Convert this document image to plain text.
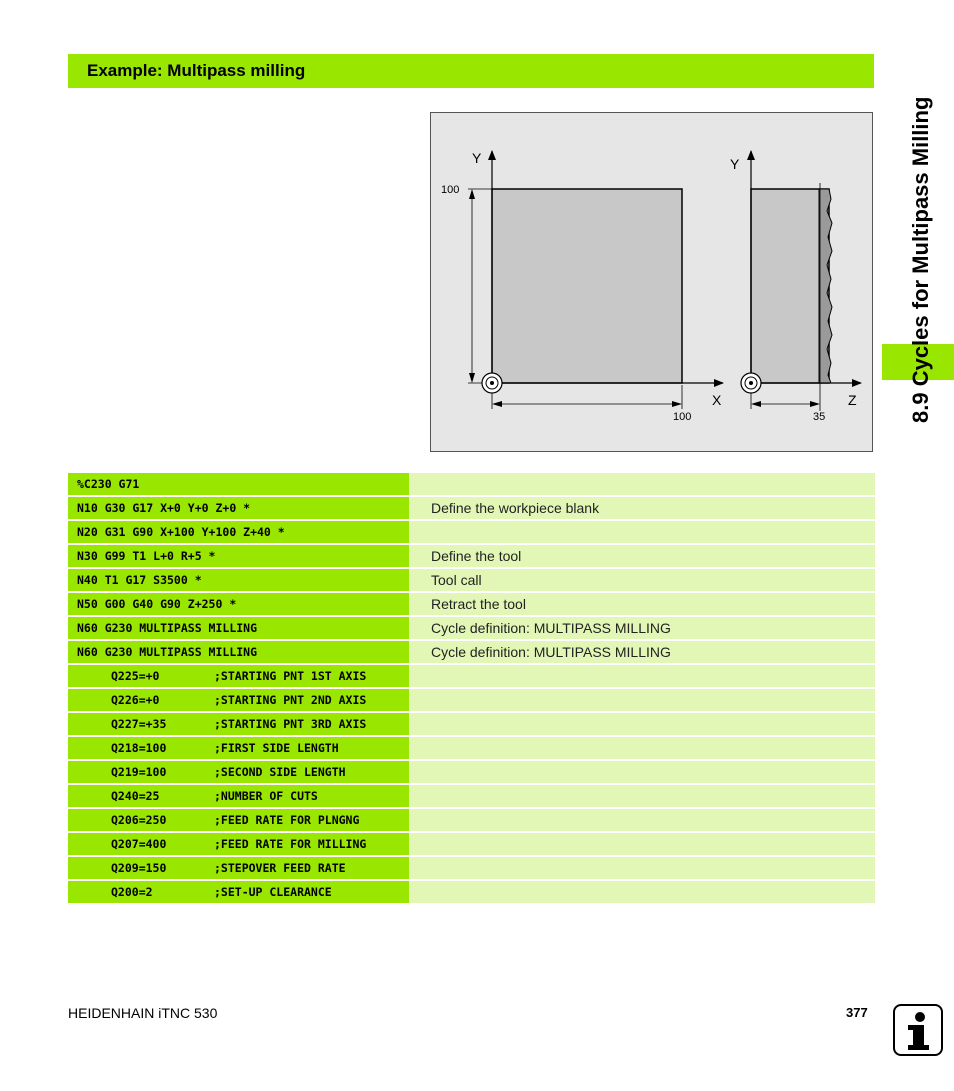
Example: Multipass milling
Y
X
100
100
Y
Z
35
%C230 G71
N10 G30 G17 X+0 Y+0 Z+0 *	Define the workpiece blank
N20 G31 G90 X+100 Y+100 Z+40 *
N30 G99 T1 L+0 R+5 *	Define the tool
N40 T1 G17 S3500 *	Tool call
N50 G00 G40 G90 Z+250 *	Retract the tool
N60 G230 MULTIPASS MILLING	Cycle definition: MULTIPASS MILLING
N60 G230 MULTIPASS MILLING	Cycle definition: MULTIPASS MILLING
Q225=+0	;STARTING PNT 1ST AXIS
Q226=+0	;STARTING PNT 2ND AXIS
Q227=+35	;STARTING PNT 3RD AXIS
Q218=100	;FIRST SIDE LENGTH
Q219=100	;SECOND SIDE LENGTH
Q240=25	;NUMBER OF CUTS
Q206=250	;FEED RATE FOR PLNGNG
Q207=400	;FEED RATE FOR MILLING
Q209=150	;STEPOVER FEED RATE
Q200=2	;SET-UP CLEARANCE
8.9 Cycles for Multipass Milling
HEIDENHAIN iTNC 530	377
